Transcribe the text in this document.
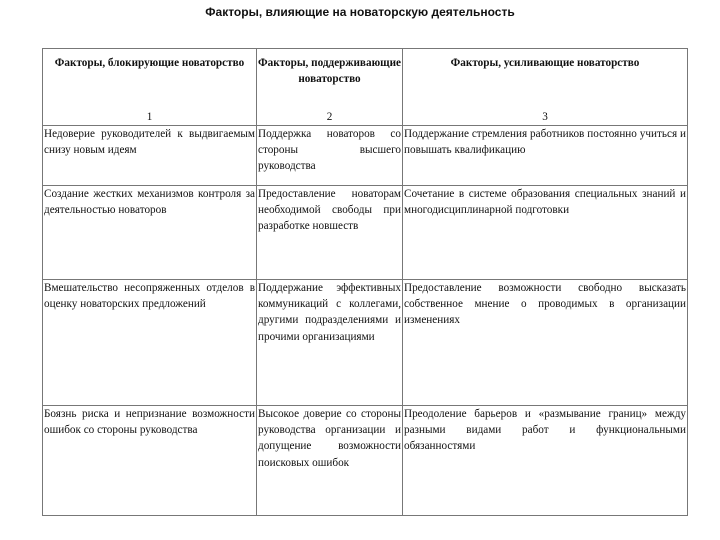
Факторы, влияющие на новаторскую деятельность
Факторы, блокирующие новаторство	Факторы, поддерживающие новаторство	Факторы, усиливающие новаторство
1	2	3
Недоверие руководителей к выдвигаемым снизу новым идеям	Поддержка новаторов со стороны высшего руководства	Поддержание стремления работников постоянно учиться и повышать квалификацию
Создание жестких механизмов контроля за деятельностью новаторов	Предоставление новаторам необходимой свободы при разработке новшеств	Сочетание в системе образования специальных знаний и многодисциплинарной подготовки
Вмешательство несопряженных отделов в оценку новаторских предложений	Поддержание эффективных коммуникаций с коллегами, другими подразделениями и прочими организациями	Предоставление возможности свободно высказать собственное мнение о проводимых в организации изменениях
Боязнь риска и непризнание возможности ошибок со стороны руководства	Высокое доверие со стороны руководства организации и допущение возможности поисковых ошибок	Преодоление барьеров и «размывание границ» между разными видами работ и функциональными обязанностями
